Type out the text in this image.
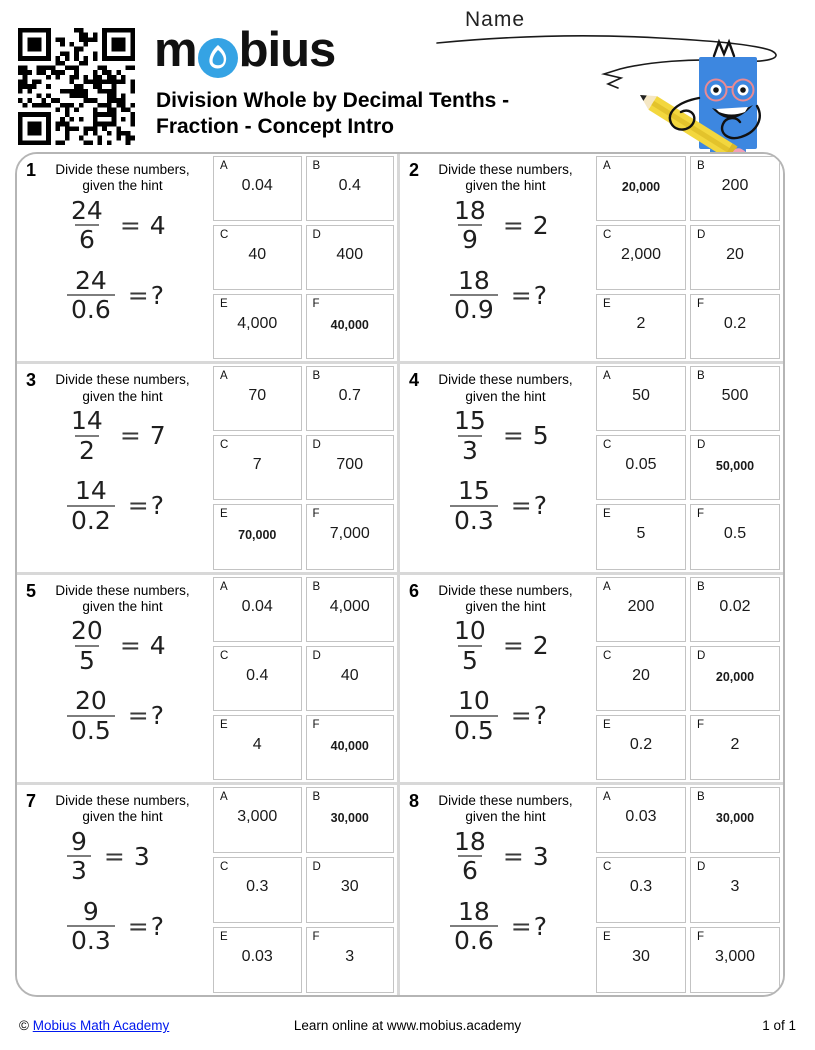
m bius
Division Whole by Decimal Tenths -
Fraction - Concept Intro
Name
1	Divide these numbers, given the hint
$\frac{24}{6} = 4$
$\frac{24}{0.6}$ = ?
A
0.04
B
0.4
C
40
D
400
E
4,000
F
40,000
2	Divide these numbers, given the hint
$\frac{18}{9} = 2$
$\frac{18}{0.9}$ = ?
A
20,000
B
200
C
2,000
D
20
E
2
F
0.2
3	Divide these numbers, given the hint
$\frac{14}{2} = 7$
$\frac{14}{0.2}$ = ?
A
70
B
0.7
C
7
D
700
E
70,000
F
7,000
4	Divide these numbers, given the hint
$\frac{15}{3} = 5$
$\frac{15}{0.3}$ = ?
A
50
B
500
C
0.05
D
50,000
E
5
F
0.5
5	Divide these numbers, given the hint
$\frac{20}{5} = 4$
$\frac{20}{0.5}$ = ?
A
0.04
B
4,000
C
0.4
D
40
E
4
F
40,000
6	Divide these numbers, given the hint
$\frac{10}{5} = 2$
$\frac{10}{0.5}$ = ?
A
200
B
0.02
C
20
D
20,000
E
0.2
F
2
7	Divide these numbers, given the hint
$\frac{9}{3} = 3$
$\frac{9}{0.3}$ = ?
A
3,000
B
30,000
C
0.3
D
30
E
0.03
F
3
8	Divide these numbers, given the hint
$\frac{18}{6} = 3$
$\frac{18}{0.6}$ = ?
A
0.03
B
30,000
C
0.3
D
3
E
30
F
3,000
Learn online at www.mobius.academy
© Mobius Math Academy	1 of 1
